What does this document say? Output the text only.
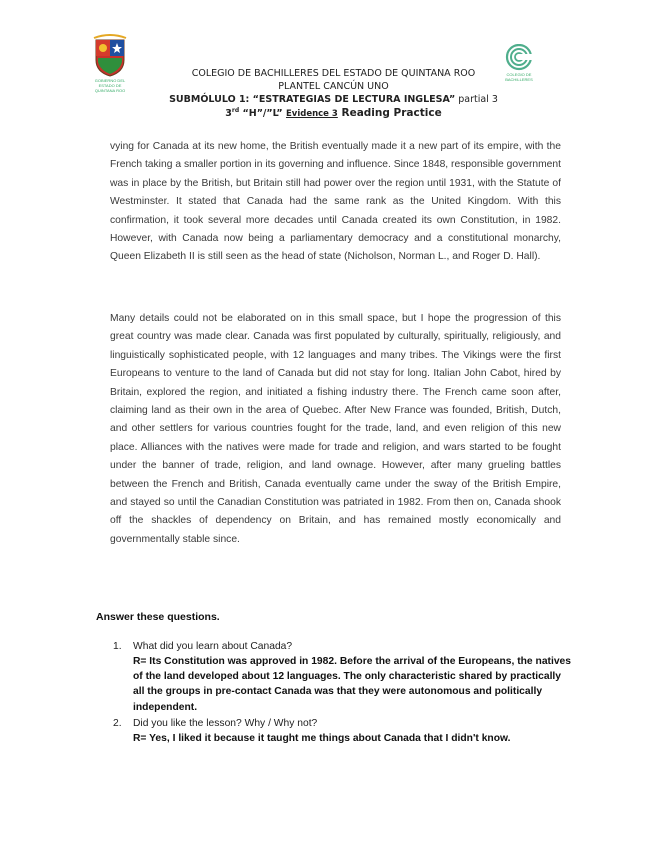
GOBIERNO DEL ESTADO DE QUINTANA ROO
COLEGIO DE BACHILLERES
COLEGIO DE BACHILLERES DEL ESTADO DE QUINTANA ROO
PLANTEL CANCÚN UNO
SUBMÓLULO 1: “ESTRATEGIAS DE LECTURA INGLESA” partial 3
3rd “H”/”L” Evidence 3 Reading Practice
vying for Canada at its new home, the British eventually made it a new part of its empire, with the French taking a smaller portion in its governing and influence. Since 1848, responsible government was in place by the British, but Britain still had power over the region until 1931, with the Statute of Westminster. It stated that Canada had the same rank as the United Kingdom. With this confirmation, it took several more decades until Canada created its own Constitution, in 1982. However, with Canada now being a parliamentary democracy and a constitutional monarchy, Queen Elizabeth II is still seen as the head of state (Nicholson, Norman L., and Roger D. Hall).
Many details could not be elaborated on in this small space, but I hope the progression of this great country was made clear. Canada was first populated by culturally, spiritually, religiously, and linguistically sophisticated people, with 12 languages and many tribes. The Vikings were the first Europeans to venture to the land of Canada but did not stay for long. Italian John Cabot, hired by Britain, explored the region, and initiated a fishing industry there. The French came soon after, claiming land as their own in the area of Quebec. After New France was founded, British, Dutch, and other settlers for various countries fought for the trade, land, and even religion of this new place. Alliances with the natives were made for trade and religion, and wars started to be fought under the banner of trade, religion, and land ownage. However, after many grueling battles between the French and British, Canada eventually came under the sway of the British Empire, and stayed so until the Canadian Constitution was patriated in 1982. From then on, Canada shook off the shackles of dependency on Britain, and has remained mostly economically and governmentally stable since.
Answer these questions.
1. What did you learn about Canada?
R= Its Constitution was approved in 1982. Before the arrival of the Europeans, the natives of the land developed about 12 languages. The only characteristic shared by practically all the groups in pre-contact Canada was that they were autonomous and politically independent.
2. Did you like the lesson? Why / Why not?
R= Yes, I liked it because it taught me things about Canada that I didn't know.
